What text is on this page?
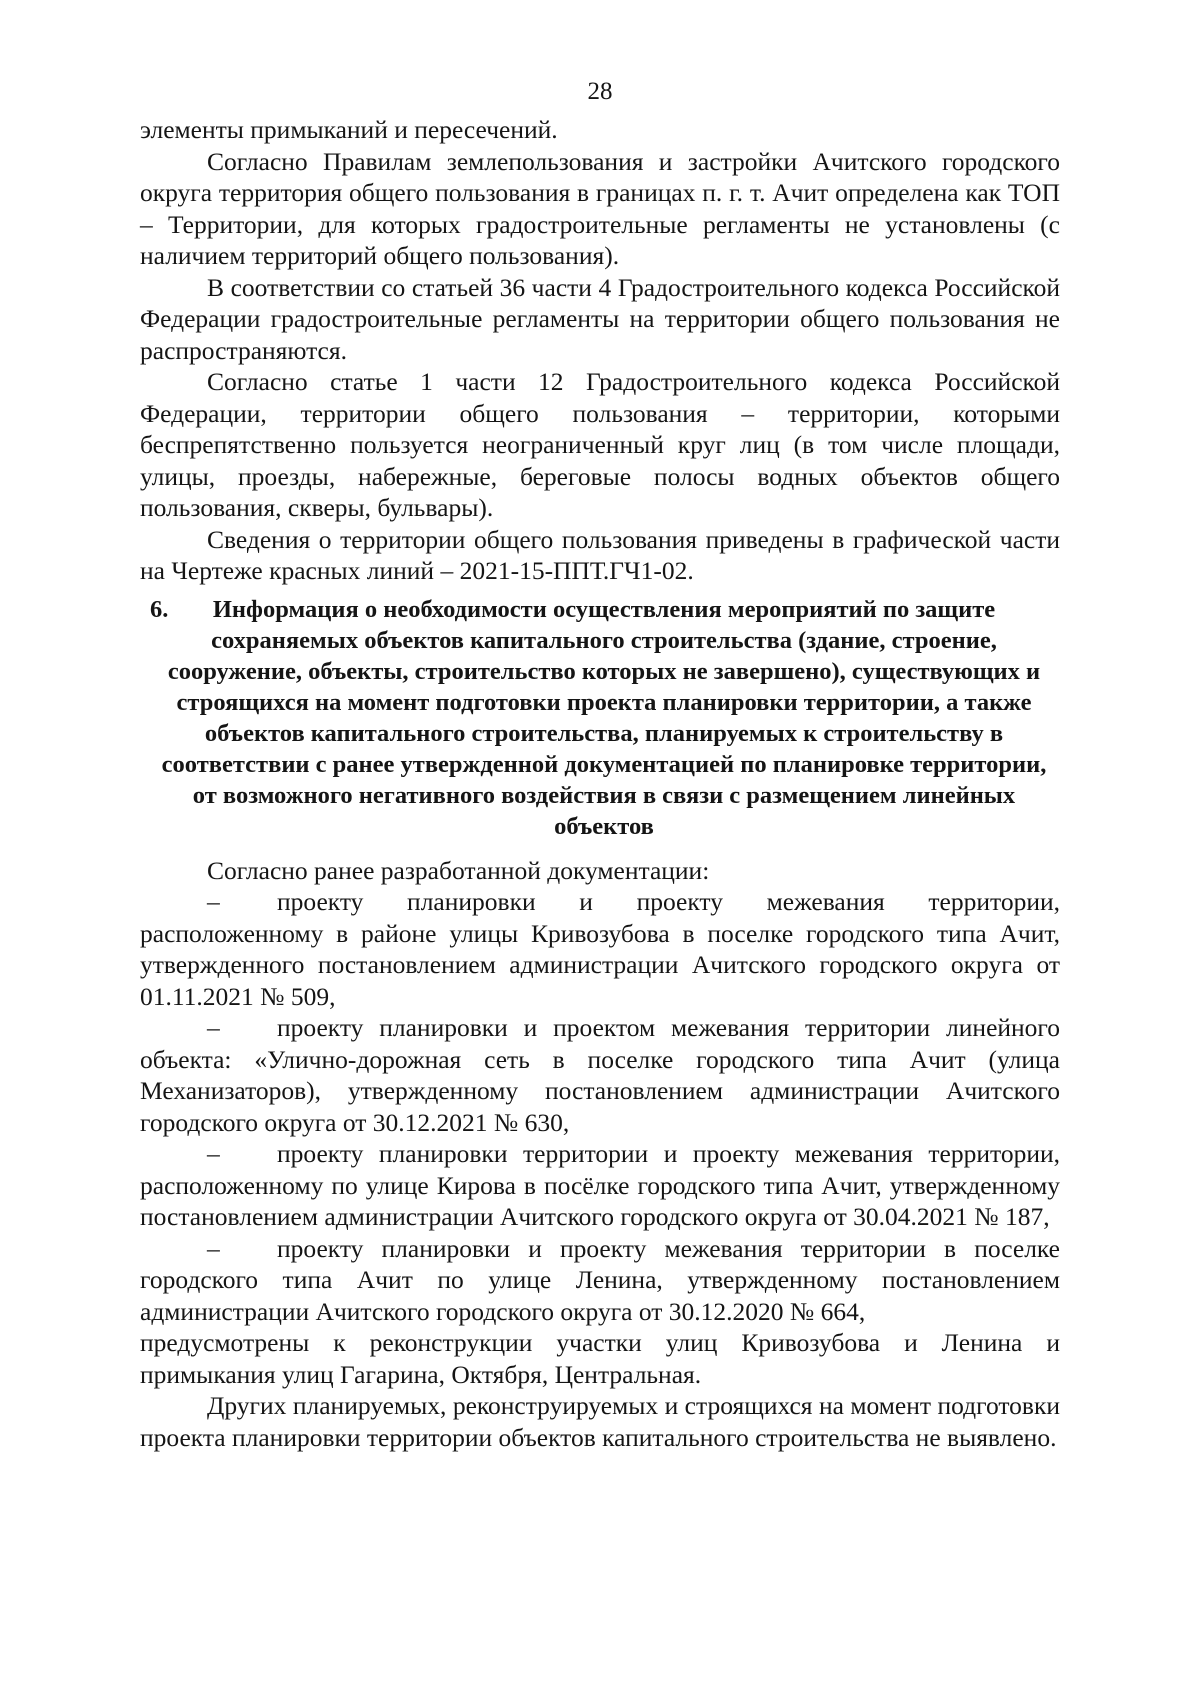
28

элементы примыканий и пересечений.

Согласно Правилам землепользования и застройки Ачитского городского округа территория общего пользования в границах п. г. т. Ачит определена как ТОП – Территории, для которых градостроительные регламенты не установлены (с наличием территорий общего пользования).

В соответствии со статьей 36 части 4 Градостроительного кодекса Российской Федерации градостроительные регламенты на территории общего пользования не распространяются.

Согласно статье 1 части 12 Градостроительного кодекса Российской Федерации, территории общего пользования – территории, которыми беспрепятственно пользуется неограниченный круг лиц (в том числе площади, улицы, проезды, набережные, береговые полосы водных объектов общего пользования, скверы, бульвары).

Сведения о территории общего пользования приведены в графической части на Чертеже красных линий – 2021-15-ППТ.ГЧ1-02.

6.	Информация о необходимости осуществления мероприятий по защите сохраняемых объектов капитального строительства (здание, строение, сооружение, объекты, строительство которых не завершено), существующих и строящихся на момент подготовки проекта планировки территории, а также объектов капитального строительства, планируемых к строительству в соответствии с ранее утвержденной документацией по планировке территории, от возможного негативного воздействия в связи с размещением линейных объектов

Согласно ранее разработанной документации:

– проекту планировки и проекту межевания территории, расположенному в районе улицы Кривозубова в поселке городского типа Ачит, утвержденного постановлением администрации Ачитского городского округа от 01.11.2021 № 509,

– проекту планировки и проектом межевания территории линейного объекта: «Улично-дорожная сеть в поселке городского типа Ачит (улица Механизаторов), утвержденному постановлением администрации Ачитского городского округа от 30.12.2021 № 630,

– проекту планировки территории и проекту межевания территории, расположенному по улице Кирова в посёлке городского типа Ачит, утвержденному постановлением администрации Ачитского городского округа от 30.04.2021 № 187,

– проекту планировки и проекту межевания территории в поселке городского типа Ачит по улице Ленина, утвержденному постановлением администрации Ачитского городского округа от 30.12.2020 № 664,

предусмотрены к реконструкции участки улиц Кривозубова и Ленина и примыкания улиц Гагарина, Октября, Центральная.

Других планируемых, реконструируемых и строящихся на момент подготовки проекта планировки территории объектов капитального строительства не выявлено.
